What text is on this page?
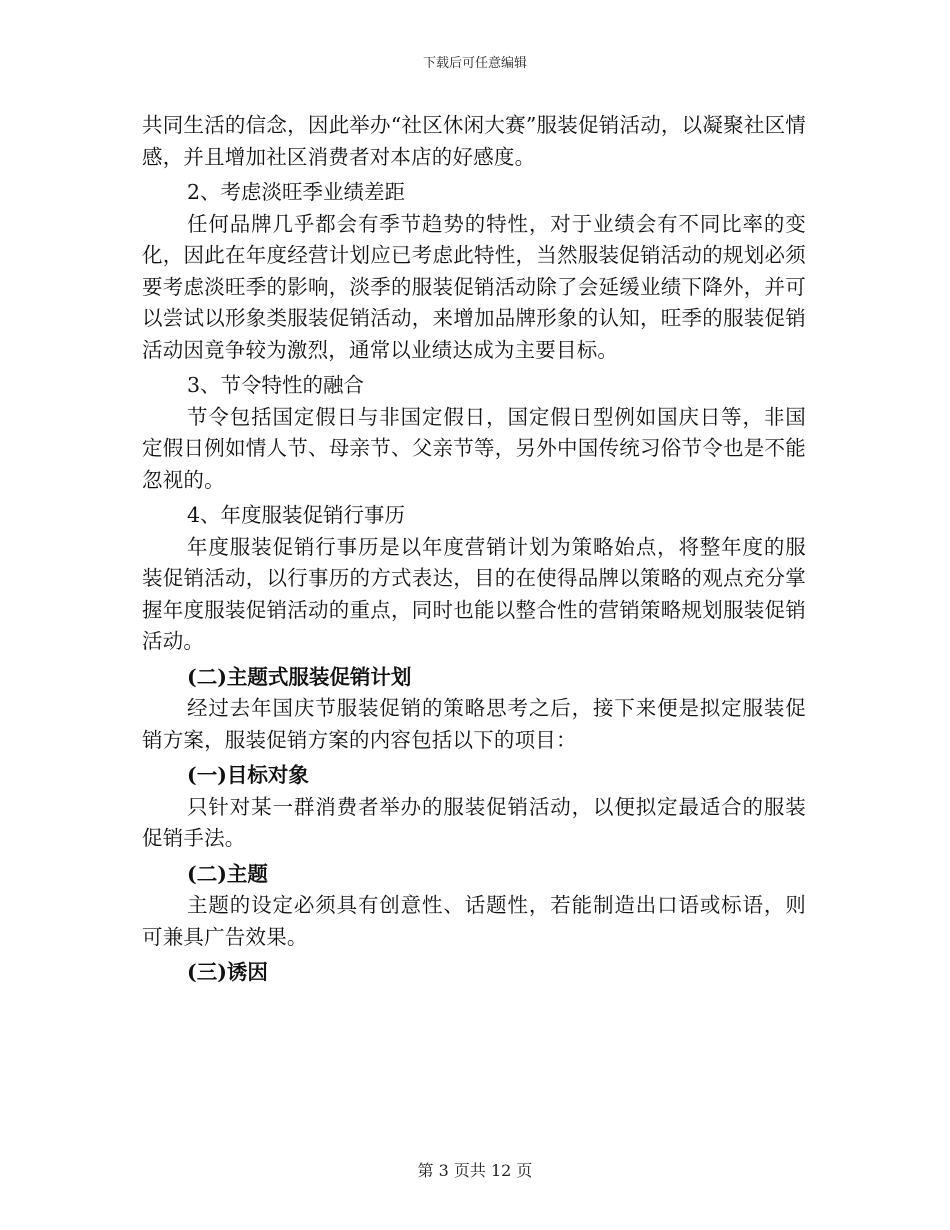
下载后可任意编辑

共同生活的信念，因此举办“社区休闲大赛”服装促销活动，以凝聚社区情感，并且增加社区消费者对本店的好感度。

2、考虑淡旺季业绩差距

任何品牌几乎都会有季节趋势的特性，对于业绩会有不同比率的变化，因此在年度经营计划应已考虑此特性，当然服装促销活动的规划必须要考虑淡旺季的影响，淡季的服装促销活动除了会延缓业绩下降外，并可以尝试以形象类服装促销活动，来增加品牌形象的认知，旺季的服装促销活动因竟争较为激烈，通常以业绩达成为主要目标。

3、节令特性的融合

节令包括国定假日与非国定假日，国定假日型例如国庆日等，非国定假日例如情人节、母亲节、父亲节等，另外中国传统习俗节令也是不能忽视的。

4、年度服装促销行事历

年度服装促销行事历是以年度营销计划为策略始点，将整年度的服装促销活动，以行事历的方式表达，目的在使得品牌以策略的观点充分掌握年度服装促销活动的重点，同时也能以整合性的营销策略规划服装促销活动。

(二)主题式服装促销计划

经过去年国庆节服装促销的策略思考之后，接下来便是拟定服装促销方案，服装促销方案的内容包括以下的项目：

(一)目标对象

只针对某一群消费者举办的服装促销活动，以便拟定最适合的服装促销手法。

(二)主题

主题的设定必须具有创意性、话题性，若能制造出口语或标语，则可兼具广告效果。

(三)诱因

第 3 页共 12 页
